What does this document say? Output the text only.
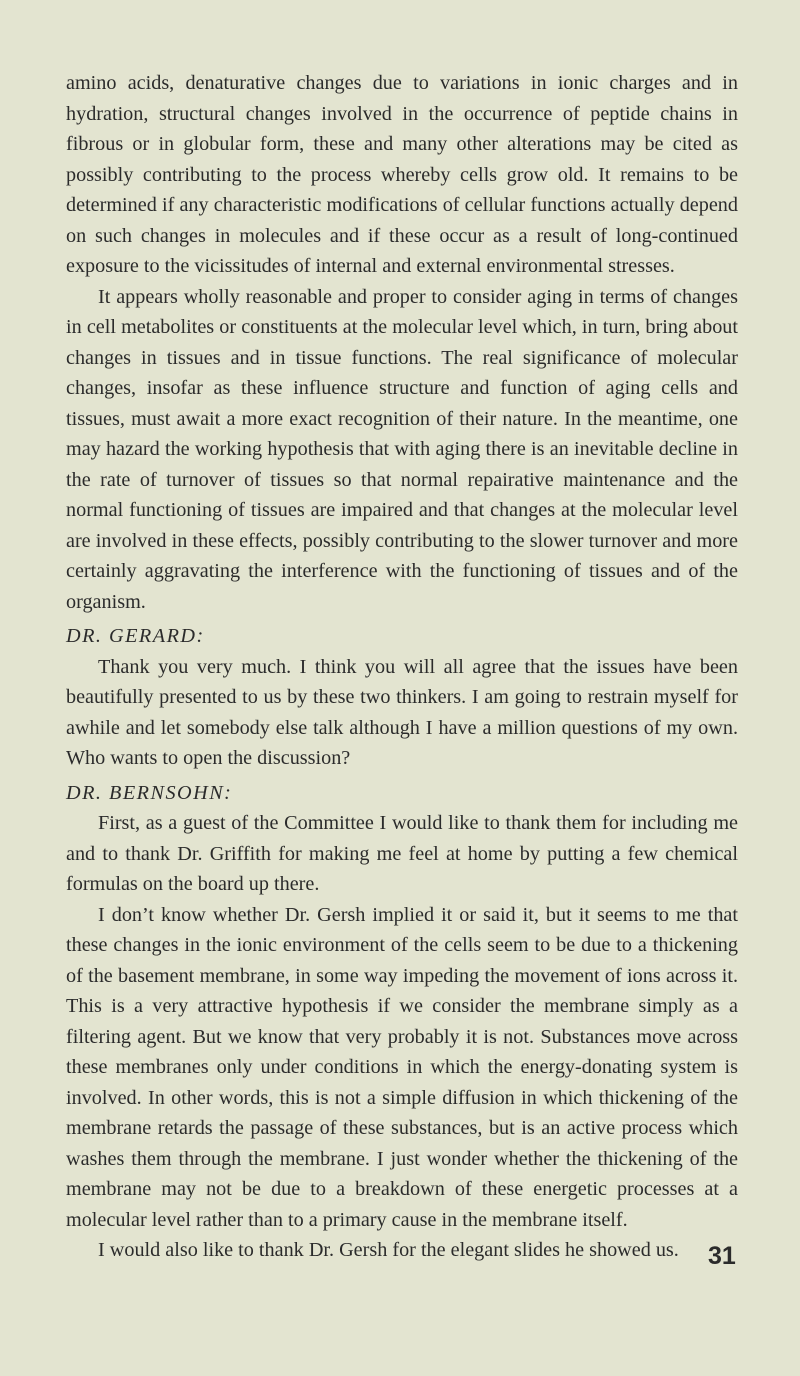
amino acids, denaturative changes due to variations in ionic charges and in hydration, structural changes involved in the occurrence of peptide chains in fibrous or in globular form, these and many other alterations may be cited as possibly contributing to the process whereby cells grow old. It remains to be determined if any characteristic modifications of cellular functions actually depend on such changes in molecules and if these occur as a result of long-continued exposure to the vicissitudes of internal and external environmental stresses.

It appears wholly reasonable and proper to consider aging in terms of changes in cell metabolites or constituents at the molecular level which, in turn, bring about changes in tissues and in tissue functions. The real significance of molecular changes, insofar as these influence structure and function of aging cells and tissues, must await a more exact recognition of their nature. In the meantime, one may hazard the working hypothesis that with aging there is an inevitable decline in the rate of turnover of tissues so that normal repairative maintenance and the normal functioning of tissues are impaired and that changes at the molecular level are involved in these effects, possibly contributing to the slower turnover and more certainly aggravating the interference with the functioning of tissues and of the organism.

DR. GERARD:

Thank you very much. I think you will all agree that the issues have been beautifully presented to us by these two thinkers. I am going to restrain myself for awhile and let somebody else talk although I have a million questions of my own. Who wants to open the discussion?

DR. BERNSOHN:

First, as a guest of the Committee I would like to thank them for including me and to thank Dr. Griffith for making me feel at home by putting a few chemical formulas on the board up there.

I don’t know whether Dr. Gersh implied it or said it, but it seems to me that these changes in the ionic environment of the cells seem to be due to a thickening of the basement membrane, in some way impeding the movement of ions across it. This is a very attractive hypothesis if we consider the membrane simply as a filtering agent. But we know that very probably it is not. Substances move across these membranes only under conditions in which the energy-donating system is involved. In other words, this is not a simple diffusion in which thickening of the membrane retards the passage of these substances, but is an active process which washes them through the membrane. I just wonder whether the thickening of the membrane may not be due to a breakdown of these energetic processes at a molecular level rather than to a primary cause in the membrane itself.

I would also like to thank Dr. Gersh for the elegant slides he showed us.	31
